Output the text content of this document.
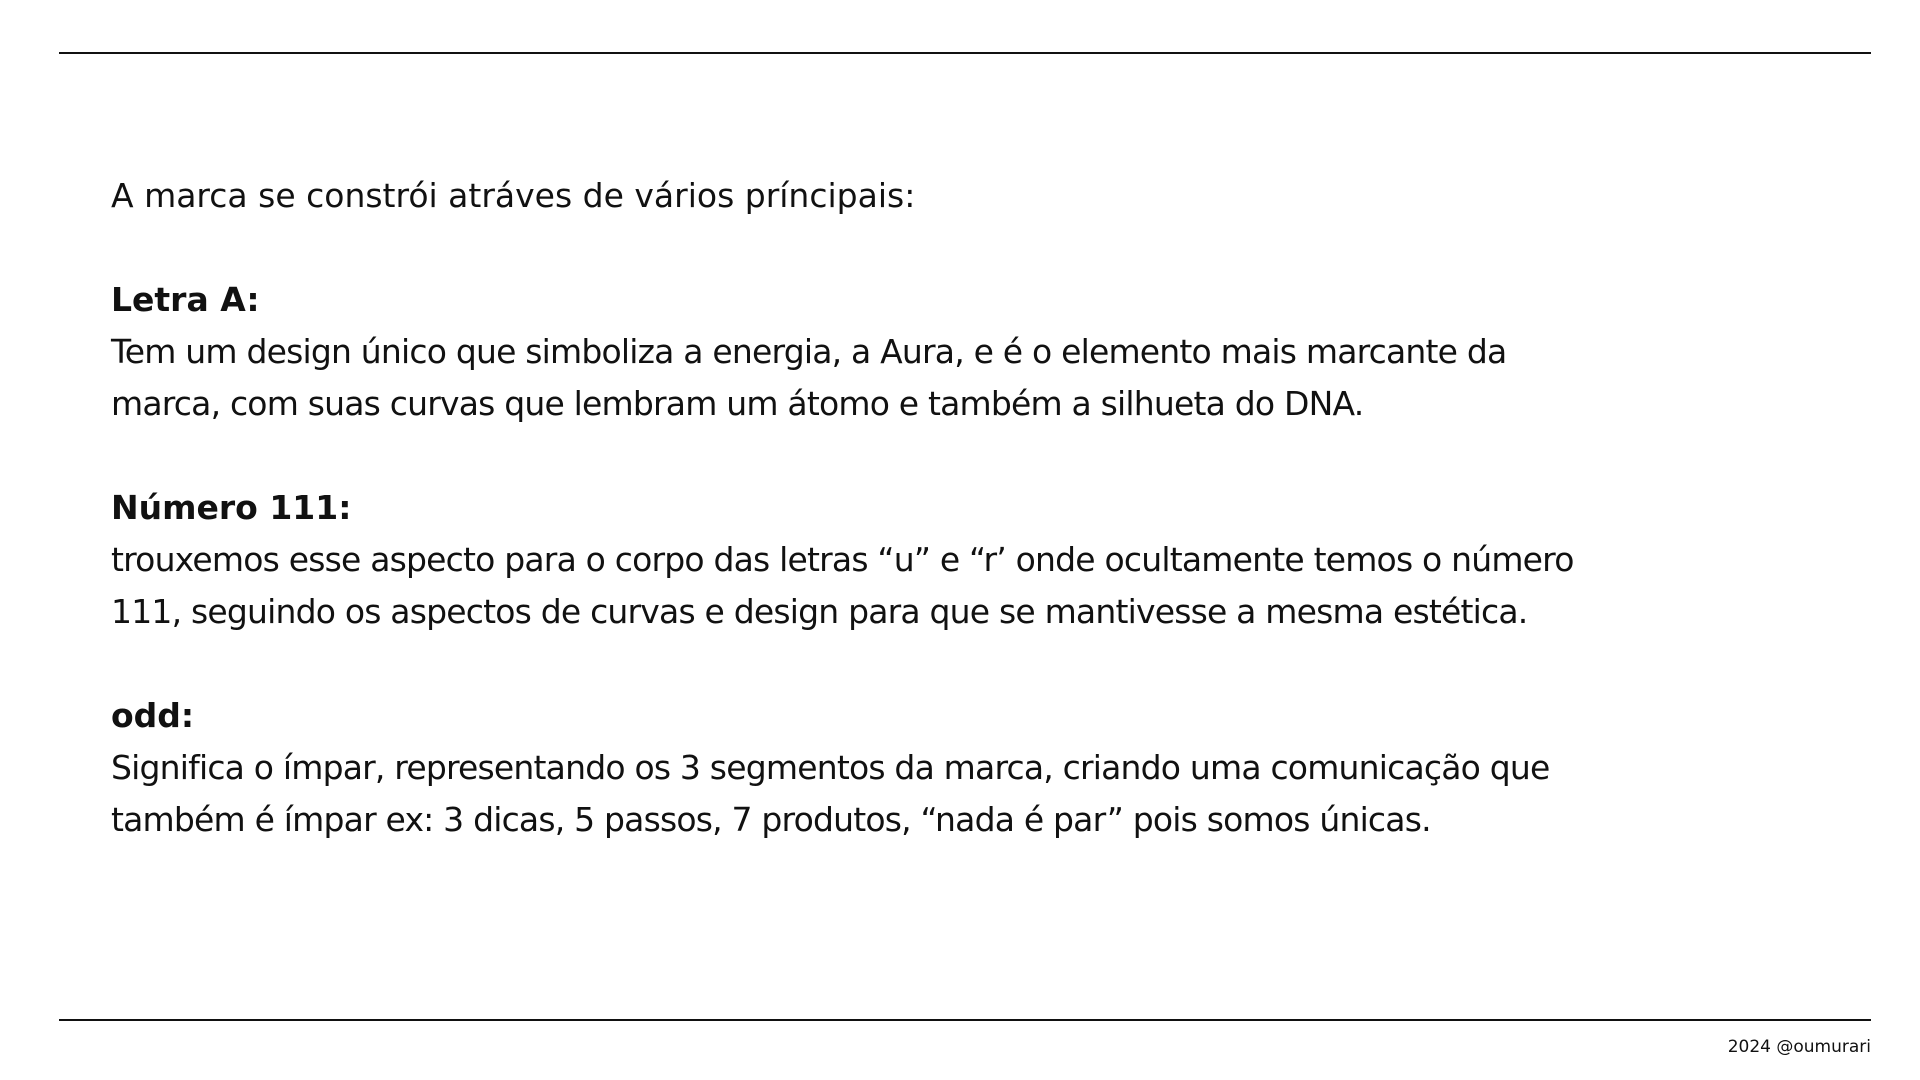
A marca se constrói atráves de vários príncipais:

Letra A:

Tem um design único que simboliza a energia, a Aura, e é o elemento mais marcante da

marca, com suas curvas que lembram um átomo e também a silhueta do DNA.

Número 111:

trouxemos esse aspecto para o corpo das letras “u” e “r’ onde ocultamente temos o número

111, seguindo os aspectos de curvas e design para que se mantivesse a mesma estética.

odd:

Significa o ímpar, representando os 3 segmentos da marca, criando uma comunicação que

também é ímpar ex: 3 dicas, 5 passos, 7 produtos, “nada é par” pois somos únicas.

2024 @oumurari
